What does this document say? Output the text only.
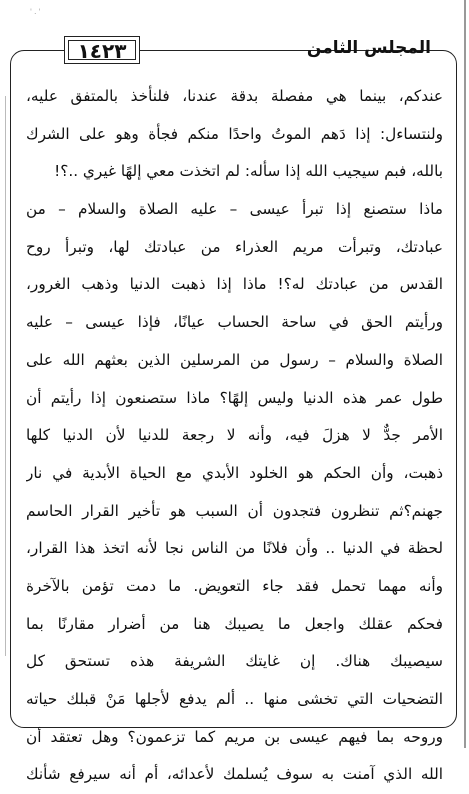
' . '
١٤٢٣	المجلس الثامن
عندكم، بينما هي مفصلة بدقة عندنا، فلنأخذ بالمتفق عليه،
ولنتساءل: إذا دَهم الموتُ واحدًا منكم فجأة وهو على الشرك
بالله، فبم سيجيب الله إذا سأله: لم اتخذت معي إلهًا غيري ..؟!
ماذا ستصنع إذا تبرأ عيسى – عليه الصلاة والسلام – من
عبادتك، وتبرأت مريم العذراء من عبادتك لها، وتبرأ روح
القدس من عبادتك له؟! ماذا إذا ذهبت الدنيا وذهب الغرور،
ورأيتم الحق في ساحة الحساب عيانًا، فإذا عيسى – عليه
الصلاة والسلام – رسول من المرسلين الذين بعثهم الله على
طول عمر هذه الدنيا وليس إلهًا؟ ماذا ستصنعون إذا رأيتم أن
الأمر جدٌّ لا هزلَ فيه، وأنه لا رجعة للدنيا لأن الدنيا كلها
ذهبت، وأن الحكم هو الخلود الأبدي مع الحياة الأبدية في نار
جهنم؟ثم تنظرون فتجدون أن السبب هو تأخير القرار الحاسم
لحظة في الدنيا .. وأن فلانًا من الناس نجا لأنه اتخذ هذا القرار،
وأنه مهما تحمل فقد جاء التعويض. ما دمت تؤمن بالآخرة
فحكم عقلك واجعل ما يصيبك هنا من أضرار مقارنًا بما
سيصيبك هناك. إن غايتك الشريفة هذه تستحق كل
التضحيات التي تخشى منها .. ألم يدفع لأجلها مَنْ قبلك حياته
وروحه بما فيهم عيسى بن مريم كما تزعمون؟ وهل تعتقد أن
الله الذي آمنت به سوف يُسلمك لأعدائه، أم أنه سيرفع شأنك
